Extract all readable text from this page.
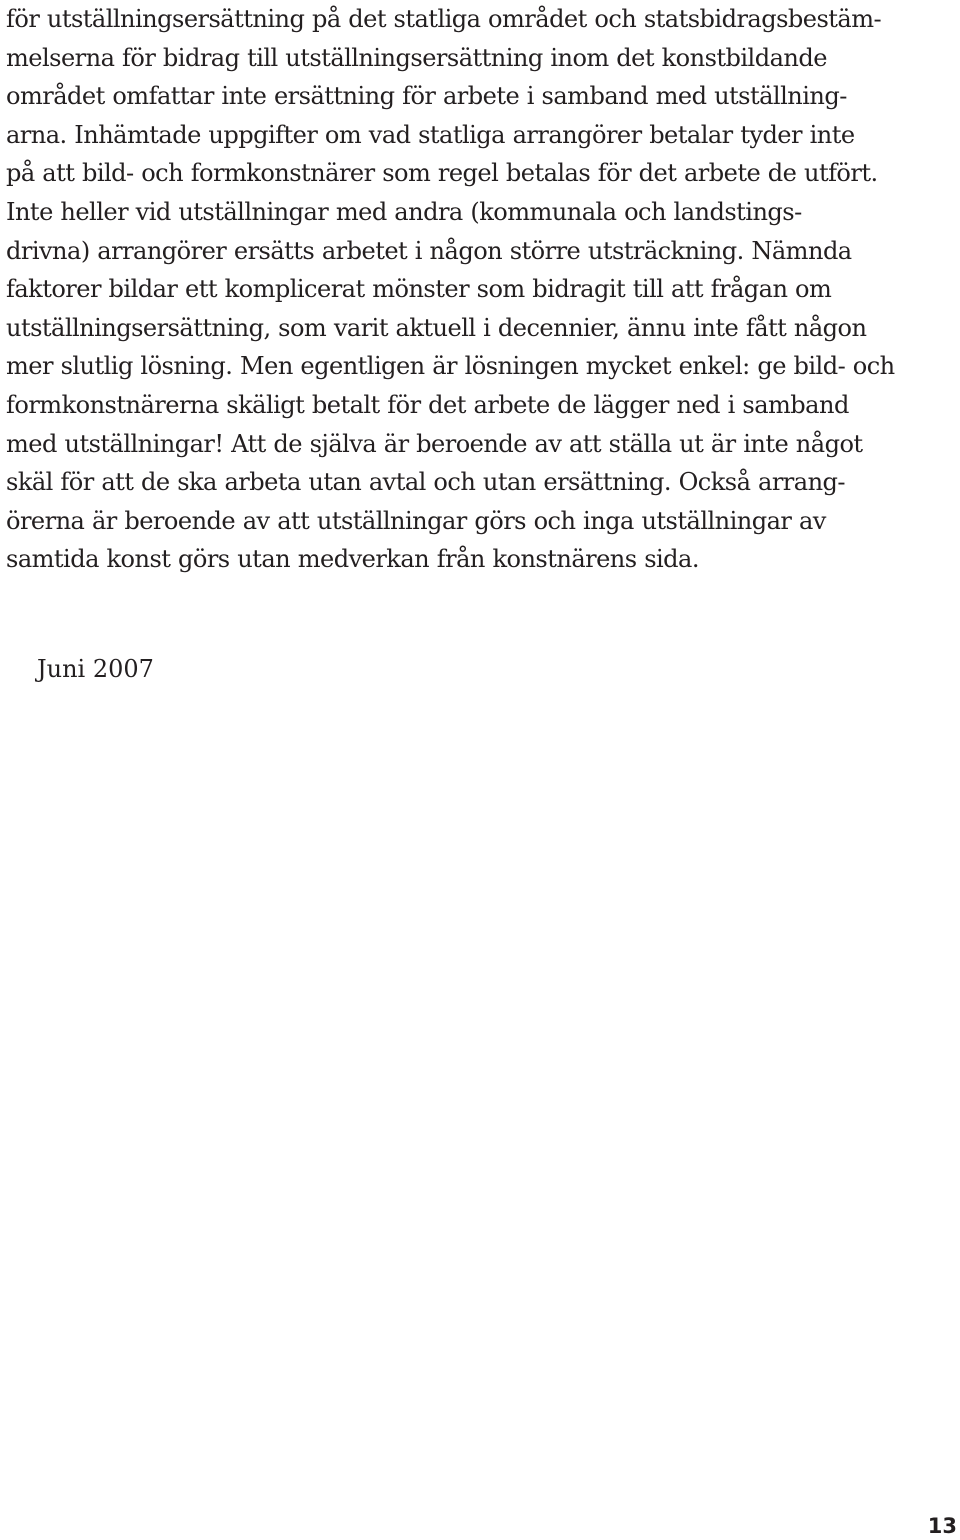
för utställningsersättning på det statliga området och statsbidragsbestäm-
melserna för bidrag till utställningsersättning inom det konstbildande
området omfattar inte ersättning för arbete i samband med utställning-
arna. Inhämtade uppgifter om vad statliga arrangörer betalar tyder inte
på att bild- och formkonstnärer som regel betalas för det arbete de utfört.
Inte heller vid utställningar med andra (kommunala och landstings-
drivna) arrangörer ersätts arbetet i någon större utsträckning. Nämnda
faktorer bildar ett komplicerat mönster som bidragit till att frågan om
utställningsersättning, som varit aktuell i decennier, ännu inte fått någon
mer slutlig lösning. Men egentligen är lösningen mycket enkel: ge bild- och
formkonstnärerna skäligt betalt för det arbete de lägger ned i samband
med utställningar! Att de själva är beroende av att ställa ut är inte något
skäl för att de ska arbeta utan avtal och utan ersättning. Också arrang-
örerna är beroende av att utställningar görs och inga utställningar av
samtida konst görs utan medverkan från konstnärens sida.

Juni 2007

13
